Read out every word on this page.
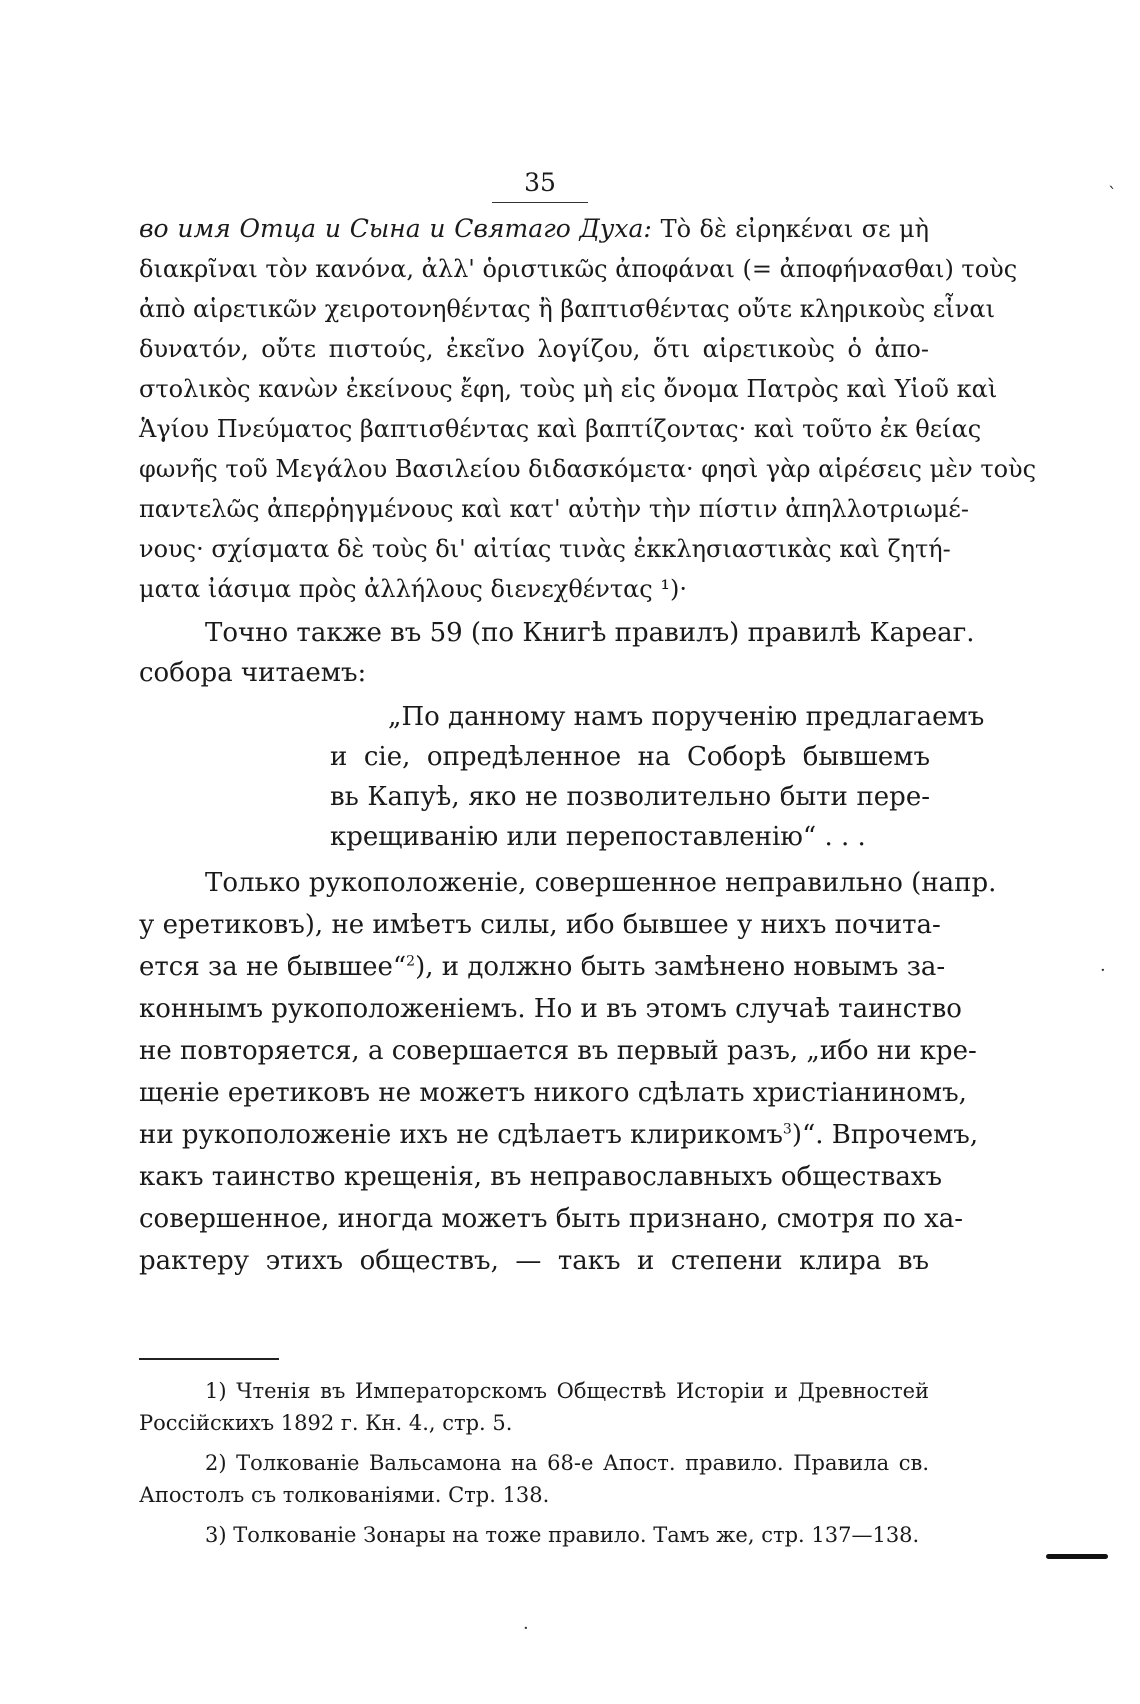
35
во имя Отца и Сына и Святаго Духа: Τὸ δὲ εἰρηκέναι σε μὴ
διακρῖναι τὸν κανόνα, ἀλλ' ὁριστικῶς ἀποφάναι (= ἀποφήνασθαι) τοὺς
ἀπὸ αἱρετικῶν χειροτονηθέντας ἢ βαπτισθέντας οὔτε κληρικοὺς εἶναι
δυνατόν, οὔτε πιστούς, ἐκεῖνο λογίζου, ὅτι αἱρετικοὺς ὁ ἀπο-
στολικὸς κανὼν ἐκείνους ἔφη, τοὺς μὴ εἰς ὄνομα Πατρὸς καὶ Υἱοῦ καὶ
Ἁγίου Πνεύματος βαπτισθέντας καὶ βαπτίζοντας· καὶ τοῦτο ἐκ θείας
φωνῆς τοῦ Μεγάλου Βασιλείου διδασκόμετα· φησὶ γὰρ αἱρέσεις μὲν τοὺς
παντελῶς ἀπερῥηγμένους καὶ κατ' αὐτὴν τὴν πίστιν ἀπηλλοτριωμέ-
νους· σχίσματα δὲ τοὺς δι' αἰτίας τινὰς ἐκκλησιαστικὰς καὶ ζητή-
ματα ἰάσιμα πρὸς ἀλλήλους διενεχθέντας ¹)·
Точно также въ 59 (по Книгѣ правилъ) правилѣ Кареаг.
собора читаемъ:
„По данному намъ порученію предлагаемъ
и сіе, опредѣленное на Соборѣ бывшемъ
вь Капуѣ, яко не позволительно быти пере-
крещиванію или перепоставленію“ . . .
Только рукоположеніе, совершенное неправильно (напр.
у еретиковъ), не имѣетъ силы, ибо бывшее у нихъ почита-
ется за не бывшее“$^2$), и должно быть замѣнено новымъ за-
коннымъ рукоположеніемъ. Но и въ этомъ случаѣ таинство
не повторяется, а совершается въ первый разъ, „ибо ни кре-
щеніе еретиковъ не можетъ никого сдѣлать христіаниномъ,
ни рукоположеніе ихъ не сдѣлаетъ клирикомъ$^3$)“. Впрочемъ,
какъ таинство крещенія, въ неправославныхъ обществахъ
совершенное, иногда можетъ быть признано, смотря по ха-
рактеру этихъ обществъ, — такъ и степени клира въ
1) Чтенія въ Императорскомъ Обществѣ Исторіи и Древностей
Россійскихъ 1892 г. Кн. 4., стр. 5.
2) Толкованіе Вальсамона на 68-е Апост. правило. Правила св.
Апостолъ съ толкованіями. Стр. 138.
3) Толкованіе Зонары на тоже правило. Тамъ же, стр. 137—138.
`
·
·
